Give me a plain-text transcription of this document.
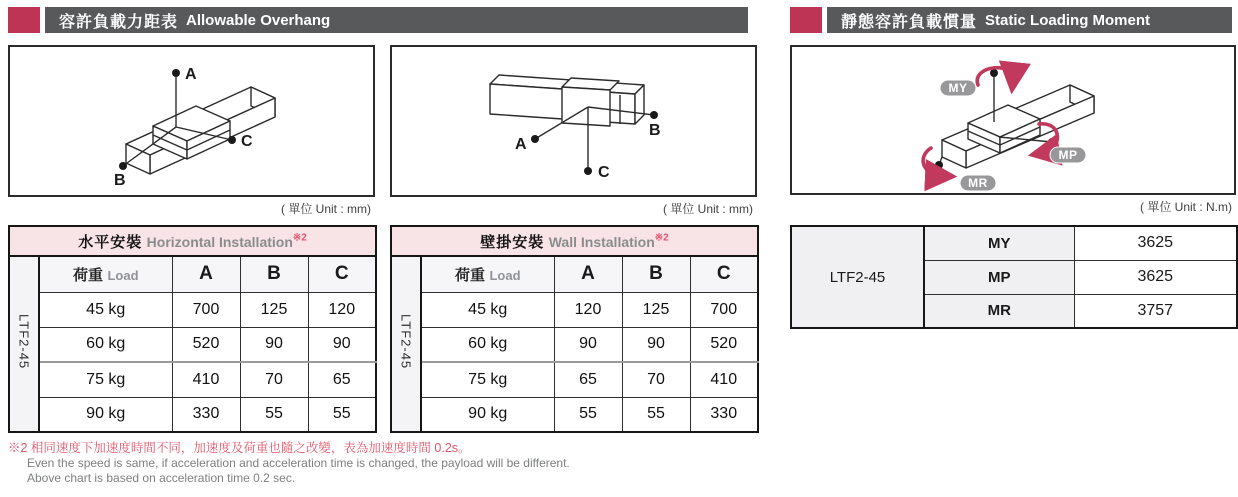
容許負載力距表 Allowable Overhang	靜態容許負載慣量 Static Loading Moment
A
B
C	A
B
C
MY
MP
MR
( 單位 Unit : mm)	( 單位 Unit : mm)	( 單位 Unit : N.m)
水平安裝 Horizontal Installation$^{※2}$
LTF2-45	荷重 Load	A	B	C
	45 kg	700	125	120
	60 kg	520	90	90
	75 kg	410	70	65
	90 kg	330	55	55
壁掛安裝 Wall Installation$^{※2}$
LTF2-45	荷重 Load	A	B	C
	45 kg	120	125	700
	60 kg	90	90	520
	75 kg	65	70	410
	90 kg	55	55	330
LTF2-45	MY	3625
	MP	3625
	MR	3757
※2 相同速度下加速度時間不同，加速度及荷重也隨之改變，表為加速度時間 0.2s。
Even the speed is same, if acceleration and acceleration time is changed, the payload will be different.
Above chart is based on acceleration time 0.2 sec.
